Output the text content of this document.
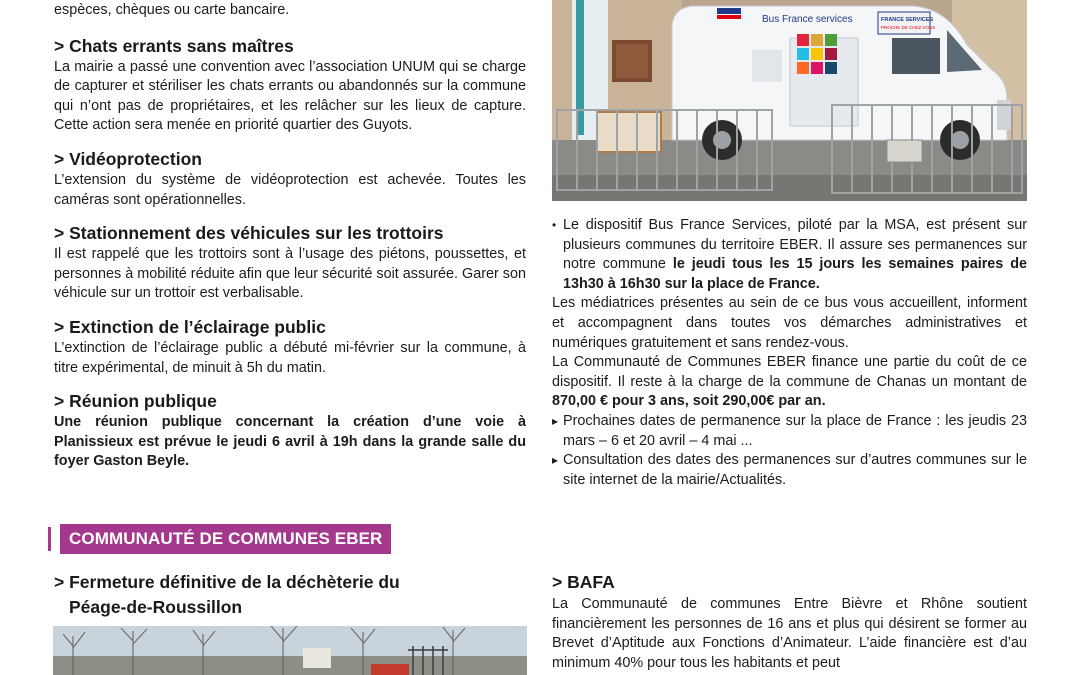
espèces, chèques ou carte bancaire.

> Chats errants sans maîtres

La mairie a passé une convention avec l’association UNUM qui se charge de capturer et stériliser les chats errants ou abandonnés sur la commune qui n’ont pas de propriétaires, et les relâcher sur les lieux de capture. Cette action sera menée en priorité quartier des Guyots.

> Vidéoprotection

L’extension du système de vidéoprotection est achevée. Toutes les caméras sont opérationnelles.

> Stationnement des véhicules sur les trottoirs

Il est rappelé que les trottoirs sont à l’usage des piétons, poussettes, et personnes à mobilité réduite afin que leur sécurité soit assurée. Garer son véhicule sur un trottoir est verbalisable.

> Extinction de l’éclairage public

L’extinction de l’éclairage public a débuté mi-février sur la commune, à titre expérimental, de minuit à 5h du matin.

> Réunion publique

Une réunion publique concernant la création d’une voie à Planissieux est prévue le jeudi 6 avril à 19h dans la grande salle du foyer Gaston Beyle.

Bus France services	FRANCE SERVICES
PROCHE DE CHEZ VOUS
• Le dispositif Bus France Services, piloté par la MSA, est présent sur plusieurs communes du territoire EBER. Il assure ses permanences sur notre commune le jeudi tous les 15 jours les semaines paires de 13h30 à 16h30 sur la place de France.

Les médiatrices présentes au sein de ce bus vous accueillent, informent et accompagnent dans toutes vos démarches administratives et numériques gratuitement et sans rendez-vous.

La Communauté de Communes EBER finance une partie du coût de ce dispositif. Il reste à la charge de la commune de Chanas un montant de 870,00 € pour 3 ans, soit 290,00€ par an.

▸ Prochaines dates de permanence sur la place de France : les jeudis 23 mars – 6 et 20 avril – 4 mai ...

▸ Consultation des dates des permanences sur d’autres communes sur le site internet de la mairie/Actualités.

COMMUNAUTÉ DE COMMUNES EBER
> Fermeture définitive de la déchèterie du
Péage-de-Roussillon
> BAFA

La Communauté de communes Entre Bièvre et Rhône soutient financièrement les personnes de 16 ans et plus qui désirent se former au Brevet d’Aptitude aux Fonctions d’Animateur. L’aide financière est d’au minimum 40% pour tous les habitants et peut
